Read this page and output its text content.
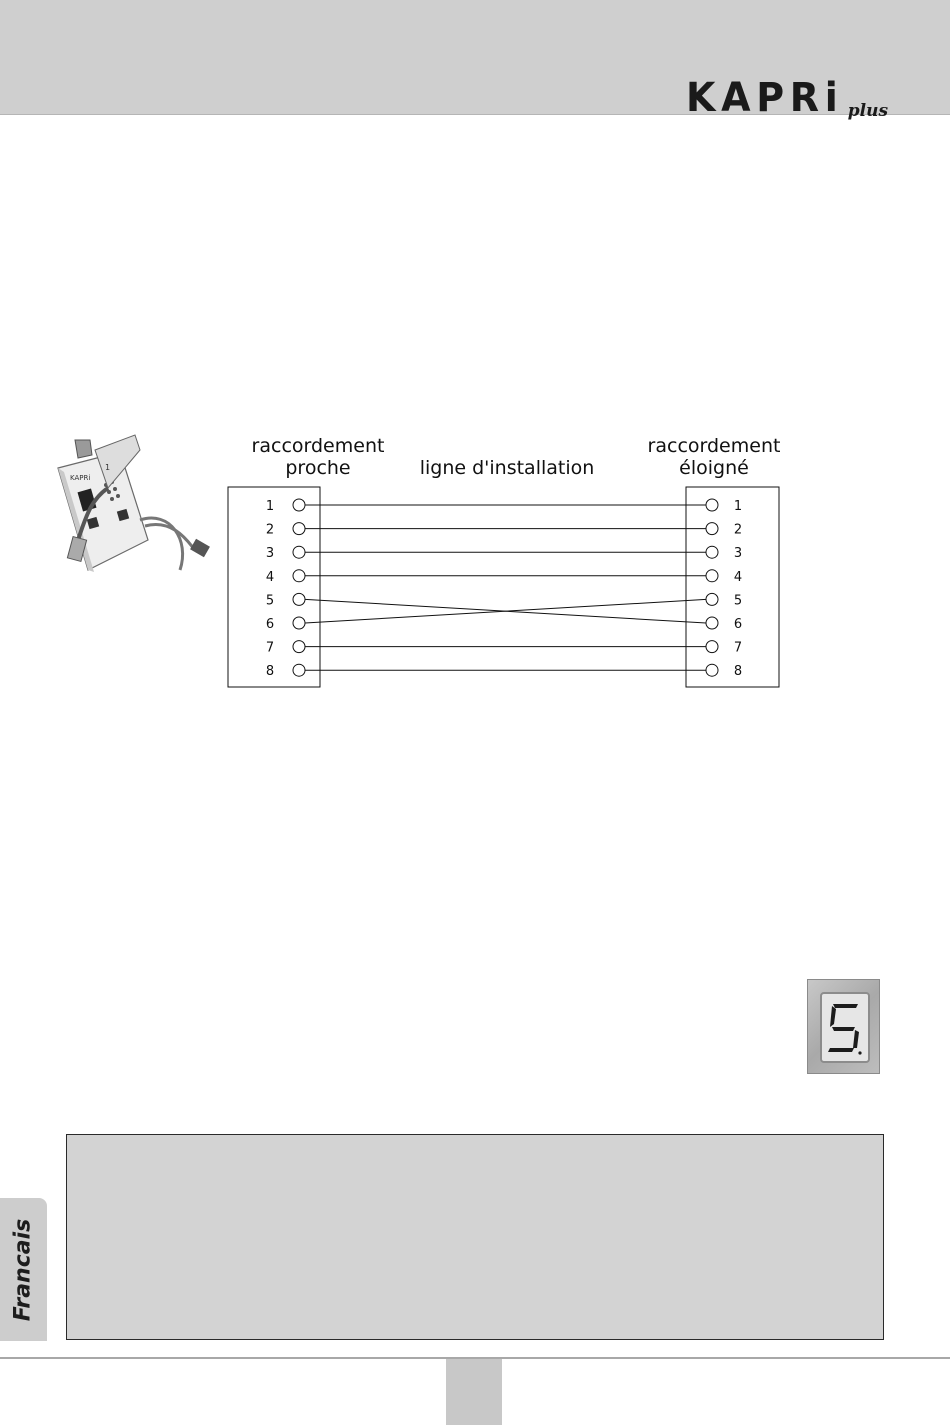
KAPRi plus
raccordement
proche	ligne d'installation
raccordement
éloigné
1
2
3
4
5
6
7
8
1
2
3
4
5
6
7
8
KAPRi
1
Francais
